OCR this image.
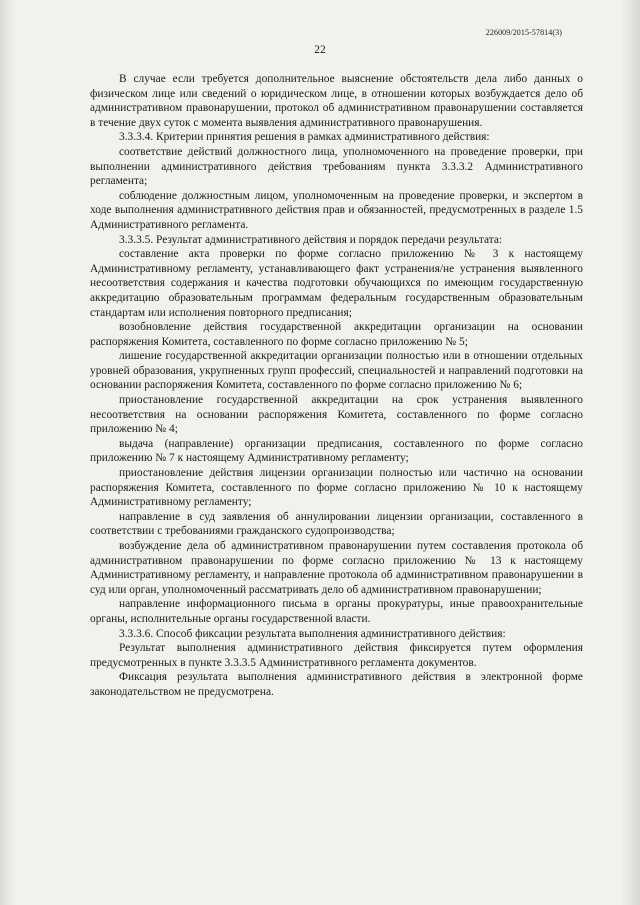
226009/2015-57814(3)
22

В случае если требуется дополнительное выяснение обстоятельств дела либо данных о физическом лице или сведений о юридическом лице, в отношении которых возбуждается дело об административном правонарушении, протокол об административном правонарушении составляется в течение двух суток с момента выявления административного правонарушения.

3.3.3.4. Критерии принятия решения в рамках административного действия:

соответствие действий должностного лица, уполномоченного на проведение проверки, при выполнении административного действия требованиям пункта 3.3.3.2 Административного регламента;

соблюдение должностным лицом, уполномоченным на проведение проверки, и экспертом в ходе выполнения административного действия прав и обязанностей, предусмотренных в разделе 1.5 Административного регламента.

3.3.3.5. Результат административного действия и порядок передачи результата:

составление акта проверки по форме согласно приложению № 3 к настоящему Административному регламенту, устанавливающего факт устранения/не устранения выявленного несоответствия содержания и качества подготовки обучающихся по имеющим государственную аккредитацию образовательным программам федеральным государственным образовательным стандартам или исполнения повторного предписания;

возобновление действия государственной аккредитации организации на основании распоряжения Комитета, составленного по форме согласно приложению № 5;

лишение государственной аккредитации организации полностью или в отношении отдельных уровней образования, укрупненных групп профессий, специальностей и направлений подготовки на основании распоряжения Комитета, составленного по форме согласно приложению № 6;

приостановление государственной аккредитации на срок устранения выявленного несоответствия на основании распоряжения Комитета, составленного по форме согласно приложению № 4;

выдача (направление) организации предписания, составленного по форме согласно приложению № 7 к настоящему Административному регламенту;

приостановление действия лицензии организации полностью или частично на основании распоряжения Комитета, составленного по форме согласно приложению № 10 к настоящему Административному регламенту;

направление в суд заявления об аннулировании лицензии организации, составленного в соответствии с требованиями гражданского судопроизводства;

возбуждение дела об административном правонарушении путем составления протокола об административном правонарушении по форме согласно приложению № 13 к настоящему Административному регламенту, и направление протокола об административном правонарушении в суд или орган, уполномоченный рассматривать дело об административном правонарушении;

направление информационного письма в органы прокуратуры, иные правоохранительные органы, исполнительные органы государственной власти.

3.3.3.6. Способ фиксации результата выполнения административного действия:

Результат выполнения административного действия фиксируется путем оформления предусмотренных в пункте 3.3.3.5 Административного регламента документов.

Фиксация результата выполнения административного действия в электронной форме законодательством не предусмотрена.
